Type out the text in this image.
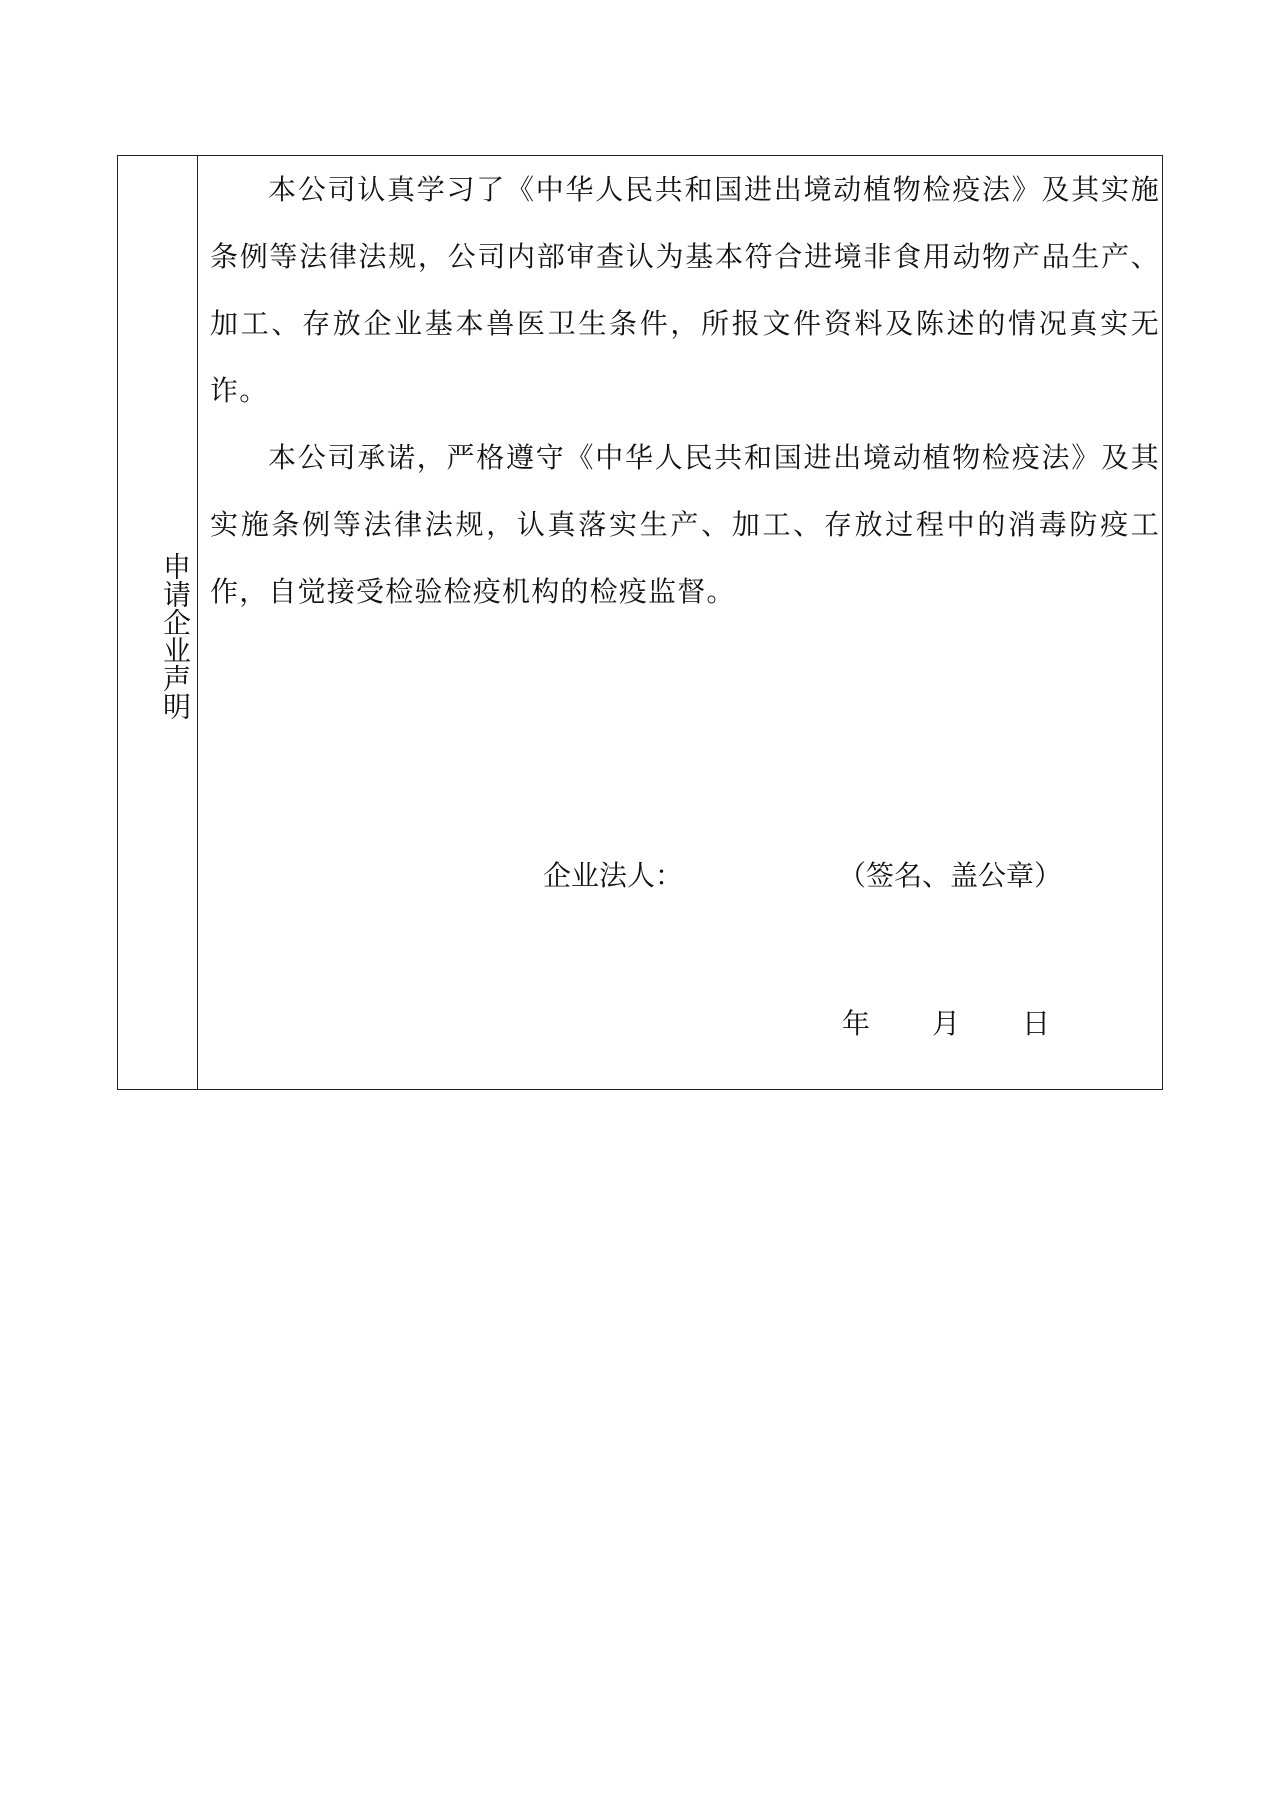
申请企业声明

本公司认真学习了《中华人民共和国进出境动植物检疫法》及其实施条例等法律法规，公司内部审查认为基本符合进境非食用动物产品生产、加工、存放企业基本兽医卫生条件，所报文件资料及陈述的情况真实无诈。

本公司承诺，严格遵守《中华人民共和国进出境动植物检疫法》及其实施条例等法律法规，认真落实生产、加工、存放过程中的消毒防疫工作，自觉接受检验检疫机构的检疫监督。

企业法人：	（签名、盖公章）
年 月 日
